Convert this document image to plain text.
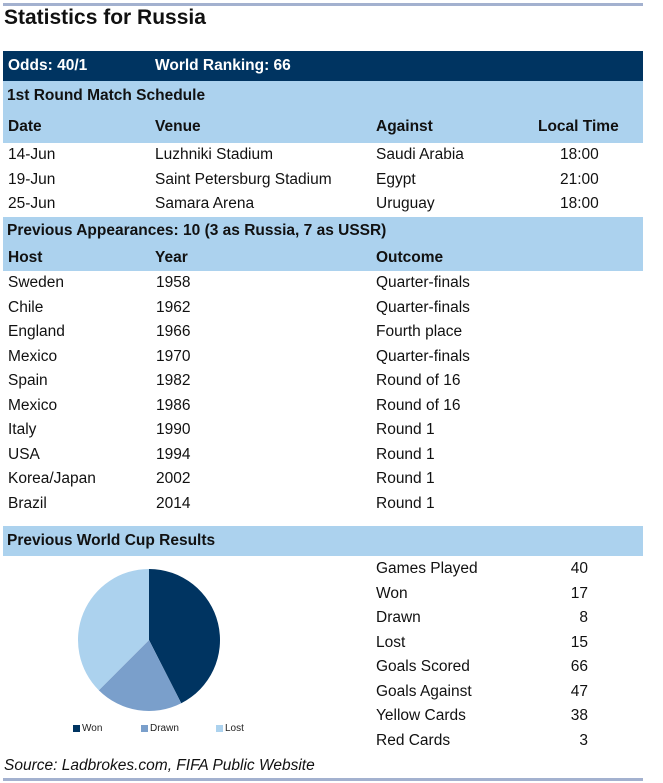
Statistics for Russia
Odds: 40/1	World Ranking: 66
1st Round Match Schedule
Date	Venue	Against	Local Time
14-Jun	Luzhniki Stadium	Saudi Arabia	18:00
19-Jun	Saint Petersburg Stadium	Egypt	21:00
25-Jun	Samara Arena	Uruguay	18:00
Previous Appearances: 10 (3 as Russia, 7 as USSR)
Host	Year	Outcome
Sweden	1958	Quarter-finals
Chile	1962	Quarter-finals
England	1966	Fourth place
Mexico	1970	Quarter-finals
Spain	1982	Round of 16
Mexico	1986	Round of 16
Italy	1990	Round 1
USA	1994	Round 1
Korea/Japan	2002	Round 1
Brazil	2014	Round 1
Previous World Cup Results
Won	Drawn	Lost
Games Played	40
Won	17
Drawn	8
Lost	15
Goals Scored	66
Goals Against	47
Yellow Cards	38
Red Cards	3
Source: Ladbrokes.com, FIFA Public Website
